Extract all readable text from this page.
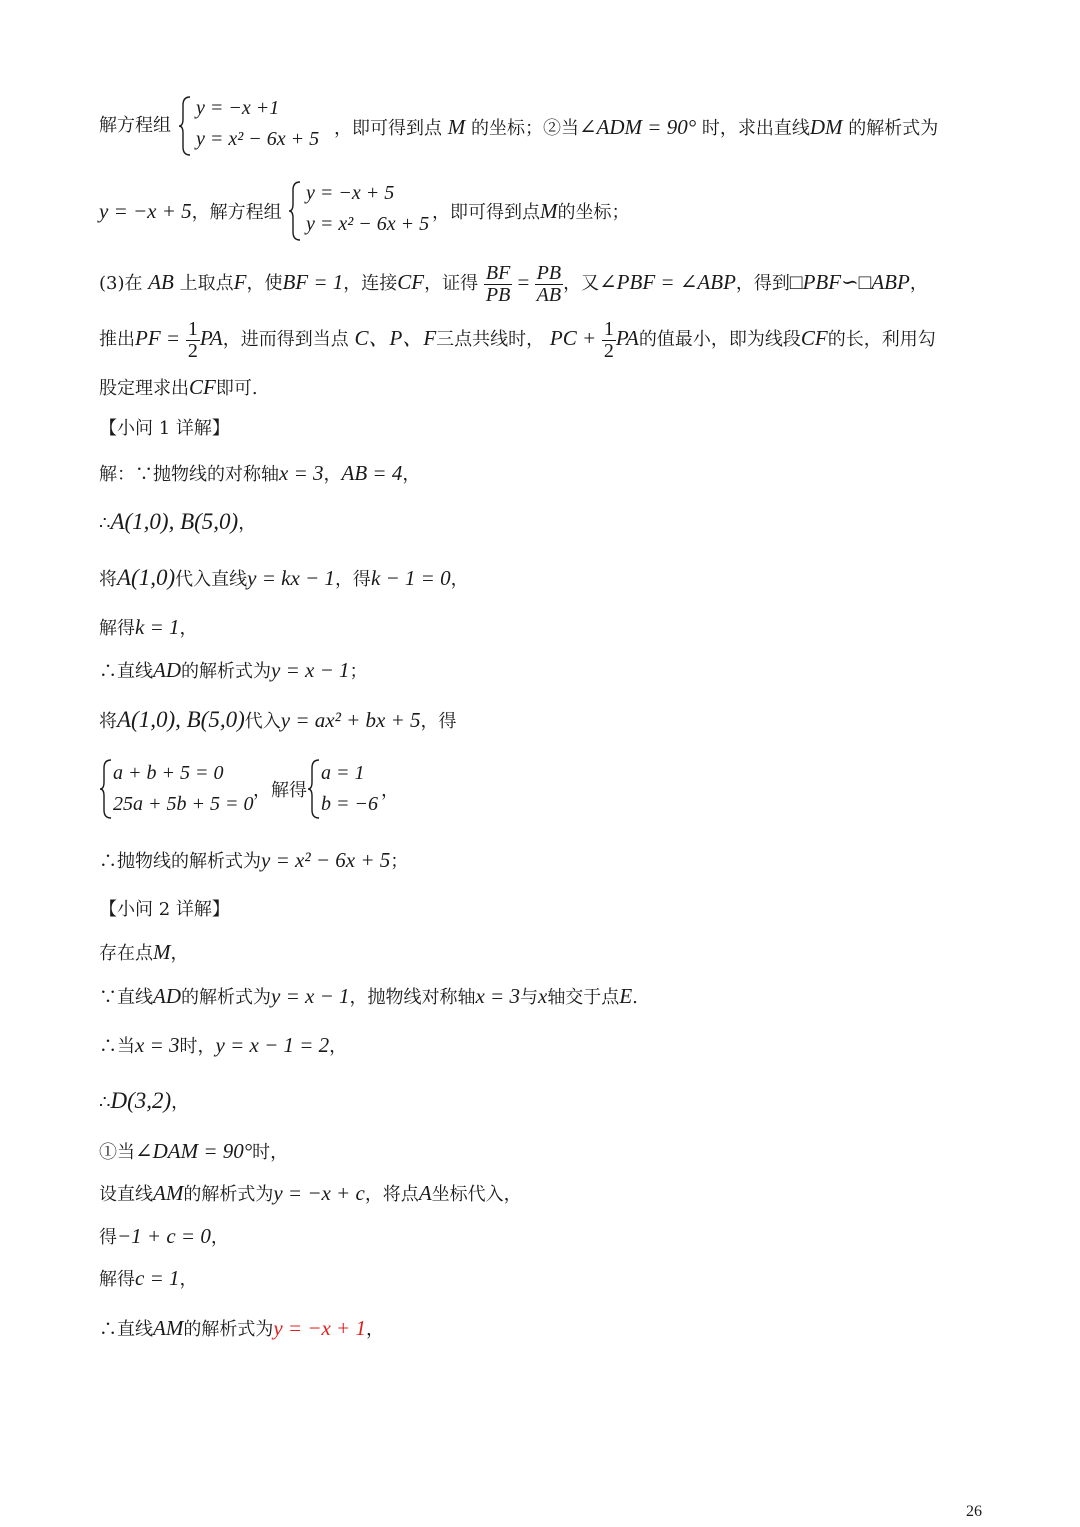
解方程组
y = −x +1
y = x² − 6x + 5 ，即可得到点 M 的坐标；②当∠ADM = 90° 时，求出直线DM 的解析式为
y = −x + 5，解方程组
y = −x + 5
y = x² − 6x + 5
，即可得到点M的坐标；
(3)在 AB 上取点F，使BF = 1，连接CF，证得 $\frac{BF}{PB} = \frac{PB}{AB}$ ，又∠PBF = ∠ABP，得到□PBF∽□ABP，
推出PF = $\frac{1}{2}$ PA，进而得到当点 C、P、F三点共线时， PC + $\frac{1}{2}$ PA的值最小，即为线段CF的长，利用勾
股定理求出CF即可.
【小问 1 详解】
解：∵抛物线的对称轴x = 3，AB = 4，
∴A(1,0), B(5,0)，
将A(1,0)代入直线y = kx − 1，得k − 1 = 0，
解得k = 1，
∴直线AD的解析式为y = x − 1；
将A(1,0), B(5,0)代入y = ax² + bx + 5，得
a + b + 5 = 0
25a + 5b + 5 = 0
，解得
a = 1
b = −6
，
∴抛物线的解析式为y = x² − 6x + 5；
【小问 2 详解】
存在点M，
∵直线AD的解析式为y = x − 1，抛物线对称轴x = 3与x轴交于点E.
∴当x = 3时，y = x − 1 = 2，
∴D(3,2)，
①当∠DAM = 90°时，
设直线AM的解析式为y = −x + c，将点A坐标代入，
得−1 + c = 0，
解得c = 1，
∴直线AM的解析式为y = −x + 1，
26
